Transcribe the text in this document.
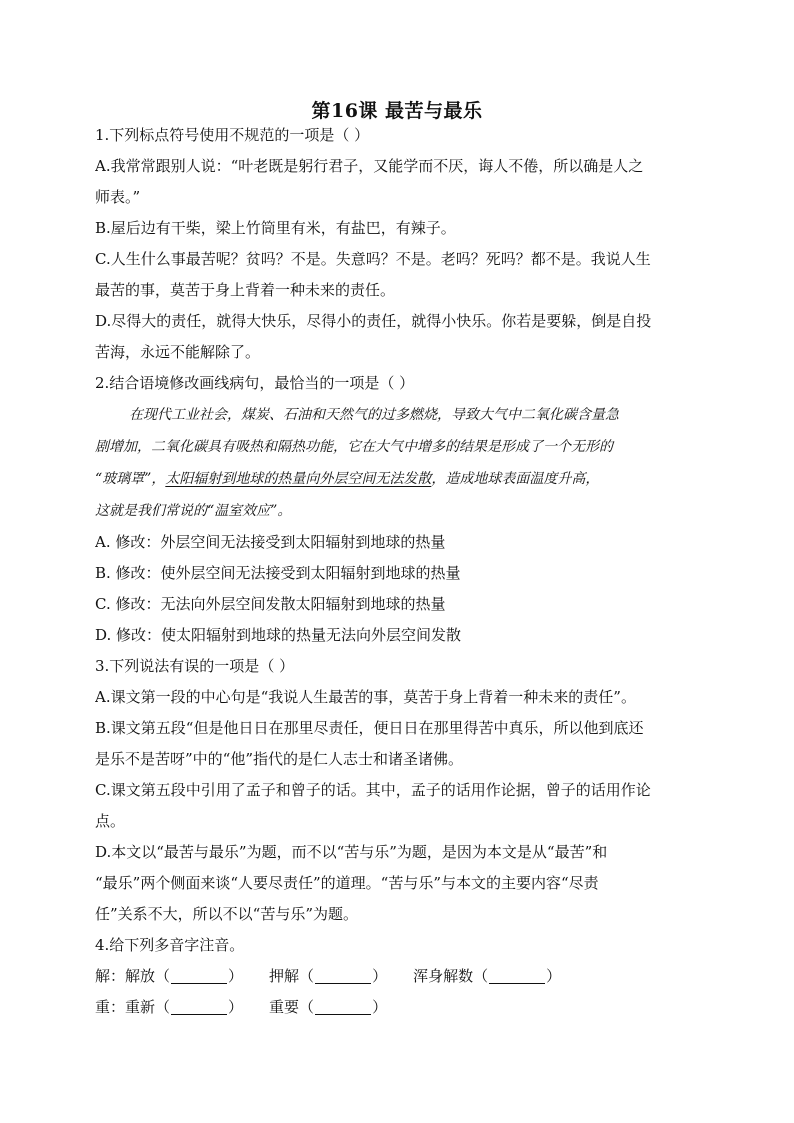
第16课 最苦与最乐
1.下列标点符号使用不规范的一项是（ ）
A.我常常跟别人说：“叶老既是躬行君子，又能学而不厌，诲人不倦，所以确是人之
师表。”
B.屋后边有干柴，梁上竹筒里有米，有盐巴，有辣子。
C.人生什么事最苦呢？贫吗？不是。失意吗？不是。老吗？死吗？都不是。我说人生
最苦的事，莫苦于身上背着一种未来的责任。
D.尽得大的责任，就得大快乐，尽得小的责任，就得小快乐。你若是要躲，倒是自投
苦海，永远不能解除了。
2.结合语境修改画线病句，最恰当的一项是（ ）
在现代工业社会，煤炭、石油和天然气的过多燃烧，导致大气中二氧化碳含量急
剧增加，二氧化碳具有吸热和隔热功能，它在大气中增多的结果是形成了一个无形的
“玻璃罩”，太阳辐射到地球的热量向外层空间无法发散，造成地球表面温度升高，
这就是我们常说的“温室效应”。
A. 修改：外层空间无法接受到太阳辐射到地球的热量
B. 修改：使外层空间无法接受到太阳辐射到地球的热量
C. 修改：无法向外层空间发散太阳辐射到地球的热量
D. 修改：使太阳辐射到地球的热量无法向外层空间发散
3.下列说法有误的一项是（ ）
A.课文第一段的中心句是“我说人生最苦的事，莫苦于身上背着一种未来的责任”。
B.课文第五段“但是他日日在那里尽责任，便日日在那里得苦中真乐，所以他到底还
是乐不是苦呀”中的“他”指代的是仁人志士和诸圣诸佛。
C.课文第五段中引用了孟子和曾子的话。其中，孟子的话用作论据，曾子的话用作论
点。
D.本文以“最苦与最乐”为题，而不以“苦与乐”为题，是因为本文是从“最苦”和
“最乐”两个侧面来谈“人要尽责任”的道理。“苦与乐”与本文的主要内容“尽责
任”关系不大，所以不以“苦与乐”为题。
4.给下列多音字注音。
解：解放（	） 押解（	） 浑身解数（	）
重：重新（	） 重要（	）
